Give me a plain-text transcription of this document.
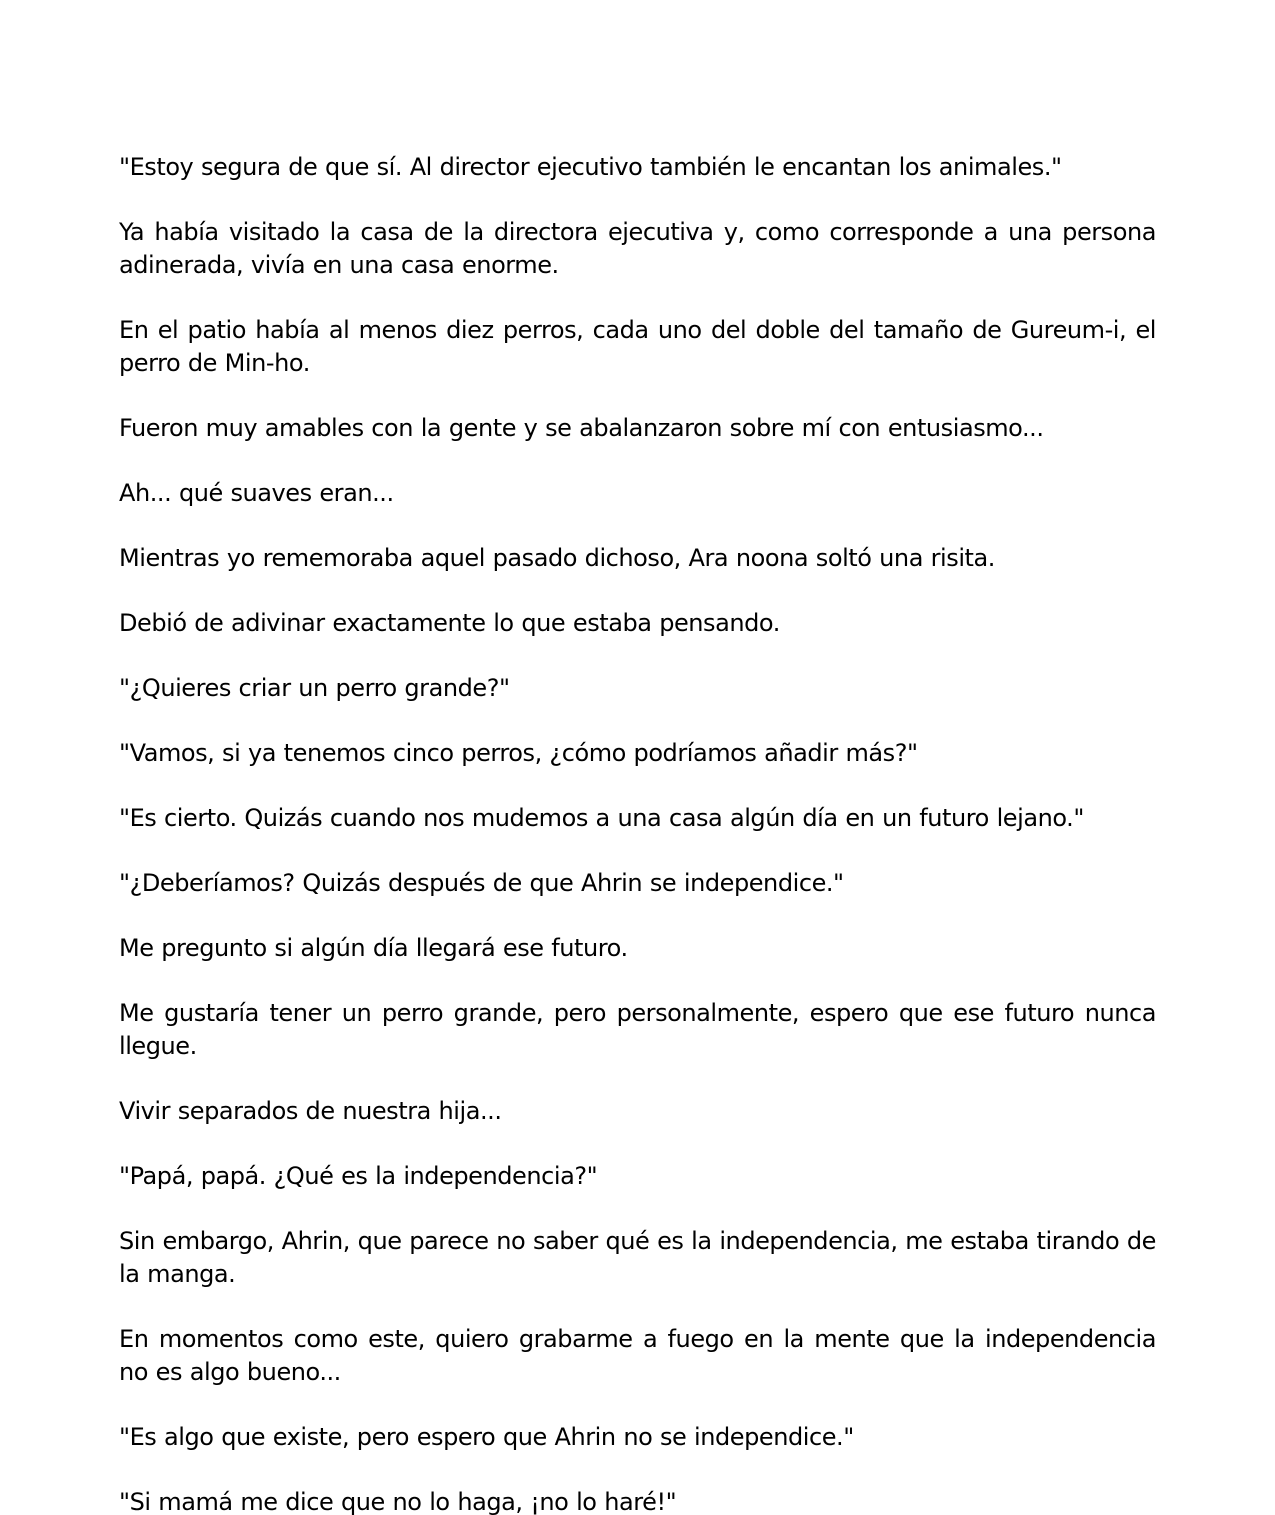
"Estoy segura de que sí. Al director ejecutivo también le encantan los animales."

Ya había visitado la casa de la directora ejecutiva y, como corresponde a una persona adinerada, vivía en una casa enorme.

En el patio había al menos diez perros, cada uno del doble del tamaño de Gureum-i, el perro de Min-ho.

Fueron muy amables con la gente y se abalanzaron sobre mí con entusiasmo...

Ah... qué suaves eran...

Mientras yo rememoraba aquel pasado dichoso, Ara noona soltó una risita.

Debió de adivinar exactamente lo que estaba pensando.

"¿Quieres criar un perro grande?"

"Vamos, si ya tenemos cinco perros, ¿cómo podríamos añadir más?"

"Es cierto. Quizás cuando nos mudemos a una casa algún día en un futuro lejano."

"¿Deberíamos? Quizás después de que Ahrin se independice."

Me pregunto si algún día llegará ese futuro.

Me gustaría tener un perro grande, pero personalmente, espero que ese futuro nunca llegue.

Vivir separados de nuestra hija...

"Papá, papá. ¿Qué es la independencia?"

Sin embargo, Ahrin, que parece no saber qué es la independencia, me estaba tirando de la manga.

En momentos como este, quiero grabarme a fuego en la mente que la independencia no es algo bueno...

"Es algo que existe, pero espero que Ahrin no se independice."

"Si mamá me dice que no lo haga, ¡no lo haré!"
